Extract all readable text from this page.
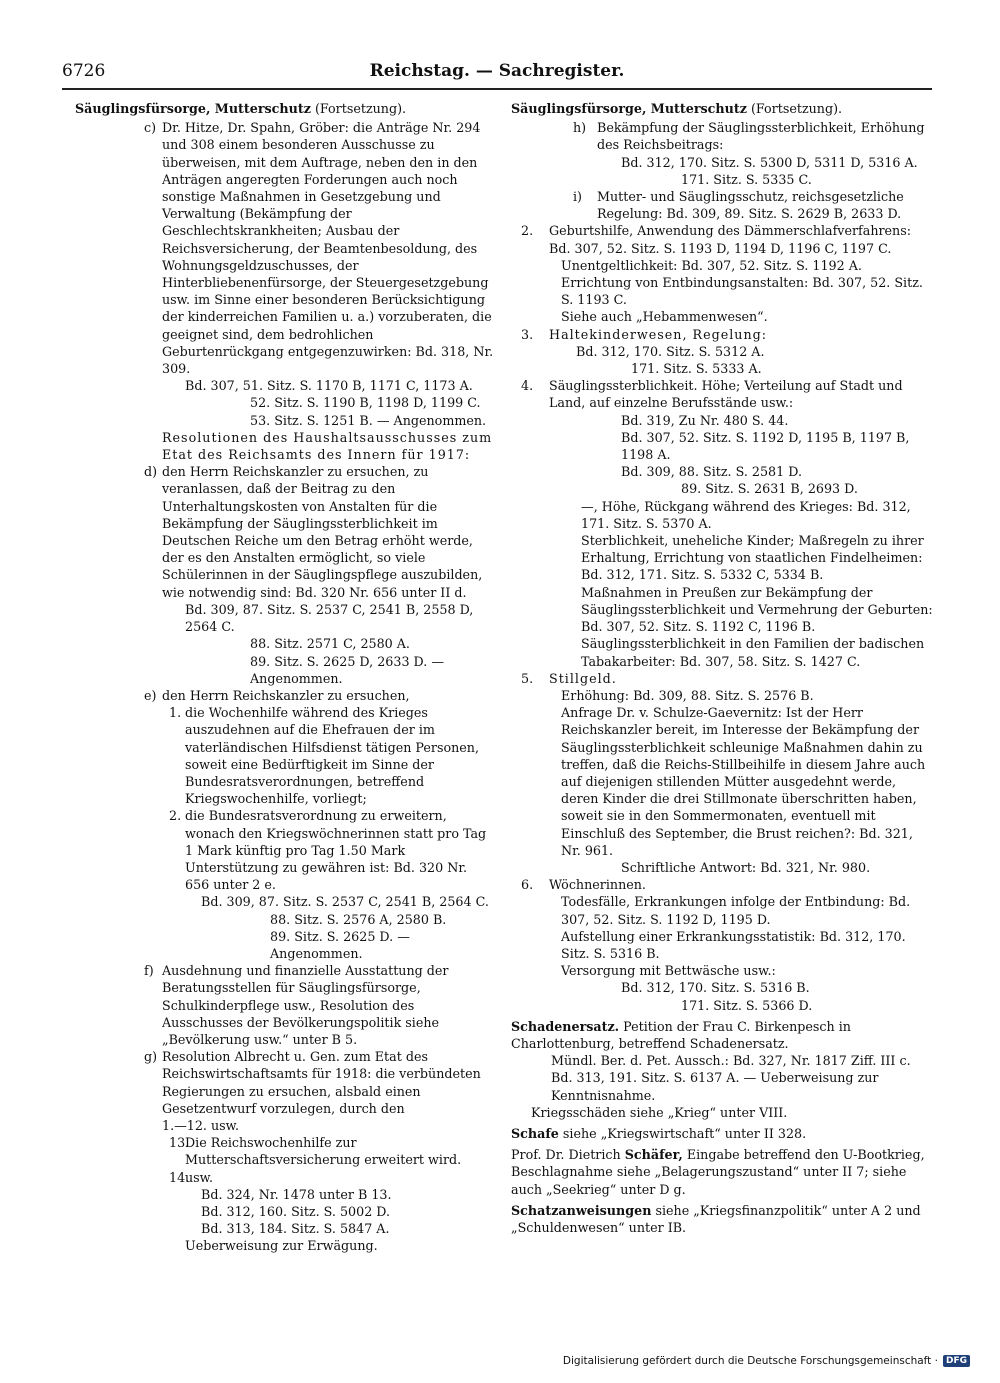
6726	Reichstag. — Sachregister.

Säuglingsfürsorge, Mutterschutz (Fortsetzung).

c) Dr. Hitze, Dr. Spahn, Gröber: die Anträge Nr. 294 und 308 einem besonderen Ausschusse zu überweisen, mit dem Auftrage, neben den in den Anträgen angeregten Forderungen auch noch sonstige Maßnahmen in Gesetzgebung und Verwaltung (Bekämpfung der Geschlechtskrankheiten; Ausbau der Reichsversicherung, der Beamtenbesoldung, des Wohnungsgeldzuschusses, der Hinterbliebenenfürsorge, der Steuergesetzgebung usw. im Sinne einer besonderen Berücksichtigung der kinderreichen Familien u. a.) vorzuberaten, die geeignet sind, dem bedrohlichen Geburtenrückgang entgegenzuwirken: Bd. 318, Nr. 309.

Bd. 307, 51. Sitz. S. 1170 B, 1171 C, 1173 A.

52. Sitz. S. 1190 B, 1198 D, 1199 C.

53. Sitz. S. 1251 B. — Angenommen.

Resolutionen des Haushaltsausschusses zum Etat des Reichsamts des Innern für 1917:

d) den Herrn Reichskanzler zu ersuchen, zu veranlassen, daß der Beitrag zu den Unterhaltungskosten von Anstalten für die Bekämpfung der Säuglingssterblichkeit im Deutschen Reiche um den Betrag erhöht werde, der es den Anstalten ermöglicht, so viele Schülerinnen in der Säuglingspflege auszubilden, wie notwendig sind: Bd. 320 Nr. 656 unter II d.

Bd. 309, 87. Sitz. S. 2537 C, 2541 B, 2558 D, 2564 C.

88. Sitz. 2571 C, 2580 A.

89. Sitz. S. 2625 D, 2633 D. — Angenommen.

e) den Herrn Reichskanzler zu ersuchen,

1. die Wochenhilfe während des Krieges auszudehnen auf die Ehefrauen der im vaterländischen Hilfsdienst tätigen Personen, soweit eine Bedürftigkeit im Sinne der Bundesratsverordnungen, betreffend Kriegswochenhilfe, vorliegt;

2. die Bundesratsverordnung zu erweitern, wonach den Kriegswöchnerinnen statt pro Tag 1 Mark künftig pro Tag 1.50 Mark Unterstützung zu gewähren ist: Bd. 320 Nr. 656 unter 2 e.

Bd. 309, 87. Sitz. S. 2537 C, 2541 B, 2564 C.

88. Sitz. S. 2576 A, 2580 B.

89. Sitz. S. 2625 D. — Angenommen.

f) Ausdehnung und finanzielle Ausstattung der Beratungsstellen für Säuglingsfürsorge, Schulkinderpflege usw., Resolution des Ausschusses der Bevölkerungspolitik siehe „Bevölkerung usw.“ unter B 5.

g) Resolution Albrecht u. Gen. zum Etat des Reichswirtschaftsamts für 1918: die verbündeten Regierungen zu ersuchen, alsbald einen Gesetzentwurf vorzulegen, durch den

1.—12. usw.

13.

Die Reichswochenhilfe zur Mutterschaftsversicherung erweitert wird.

14.

usw.

Bd. 324, Nr. 1478 unter B 13.

Bd. 312, 160. Sitz. S. 5002 D.

Bd. 313, 184. Sitz. S. 5847 A.

Ueberweisung zur Erwägung.

Säuglingsfürsorge, Mutterschutz (Fortsetzung).

h) Bekämpfung der Säuglingssterblichkeit, Erhöhung des Reichsbeitrags:

Bd. 312, 170. Sitz. S. 5300 D, 5311 D, 5316 A.

171. Sitz. S. 5335 C.

i) Mutter- und Säuglingsschutz, reichsgesetzliche Regelung: Bd. 309, 89. Sitz. S. 2629 B, 2633 D.

2. Geburtshilfe, Anwendung des Dämmerschlafverfahrens: Bd. 307, 52. Sitz. S. 1193 D, 1194 D, 1196 C, 1197 C.

Unentgeltlichkeit: Bd. 307, 52. Sitz. S. 1192 A.

Errichtung von Entbindungsanstalten: Bd. 307, 52. Sitz. S. 1193 C.

Siehe auch „Hebammenwesen“.

3. Haltekinderwesen, Regelung:

Bd. 312, 170. Sitz. S. 5312 A.

171. Sitz. S. 5333 A.

4. Säuglingssterblichkeit. Höhe; Verteilung auf Stadt und Land, auf einzelne Berufsstände usw.:

Bd. 319, Zu Nr. 480 S. 44.

Bd. 307, 52. Sitz. S. 1192 D, 1195 B, 1197 B, 1198 A.

Bd. 309, 88. Sitz. S. 2581 D.

89. Sitz. S. 2631 B, 2693 D.

—, Höhe, Rückgang während des Krieges: Bd. 312, 171. Sitz. S. 5370 A.

Sterblichkeit, uneheliche Kinder; Maßregeln zu ihrer Erhaltung, Errichtung von staatlichen Findelheimen: Bd. 312, 171. Sitz. S. 5332 C, 5334 B.

Maßnahmen in Preußen zur Bekämpfung der Säuglingssterblichkeit und Vermehrung der Geburten: Bd. 307, 52. Sitz. S. 1192 C, 1196 B.

Säuglingssterblichkeit in den Familien der badischen Tabakarbeiter: Bd. 307, 58. Sitz. S. 1427 C.

5. Stillgeld.

Erhöhung: Bd. 309, 88. Sitz. S. 2576 B.

Anfrage Dr. v. Schulze-Gaevernitz: Ist der Herr Reichskanzler bereit, im Interesse der Bekämpfung der Säuglingssterblichkeit schleunige Maßnahmen dahin zu treffen, daß die Reichs-Stillbeihilfe in diesem Jahre auch auf diejenigen stillenden Mütter ausgedehnt werde, deren Kinder die drei Stillmonate überschritten haben, soweit sie in den Sommermonaten, eventuell mit Einschluß des September, die Brust reichen?: Bd. 321, Nr. 961.

Schriftliche Antwort: Bd. 321, Nr. 980.

6. Wöchnerinnen.

Todesfälle, Erkrankungen infolge der Entbindung: Bd. 307, 52. Sitz. S. 1192 D, 1195 D.

Aufstellung einer Erkrankungsstatistik: Bd. 312, 170. Sitz. S. 5316 B.

Versorgung mit Bettwäsche usw.:

Bd. 312, 170. Sitz. S. 5316 B.

171. Sitz. S. 5366 D.

Schadenersatz. Petition der Frau C. Birkenpesch in Charlottenburg, betreffend Schadenersatz.

Mündl. Ber. d. Pet. Aussch.: Bd. 327, Nr. 1817 Ziff. III c.

Bd. 313, 191. Sitz. S. 6137 A. — Ueberweisung zur Kenntnisnahme.

Kriegsschäden siehe „Krieg“ unter VIII.

Schafe siehe „Kriegswirtschaft“ unter II 328.

Prof. Dr. Dietrich Schäfer, Eingabe betreffend den U-Bootkrieg, Beschlagnahme siehe „Belagerungszustand“ unter II 7; siehe auch „Seekrieg“ unter D g.

Schatzanweisungen siehe „Kriegsfinanzpolitik“ unter A 2 und „Schuldenwesen“ unter IB.

Digitalisierung gefördert durch die Deutsche Forschungsgemeinschaft · DFG
